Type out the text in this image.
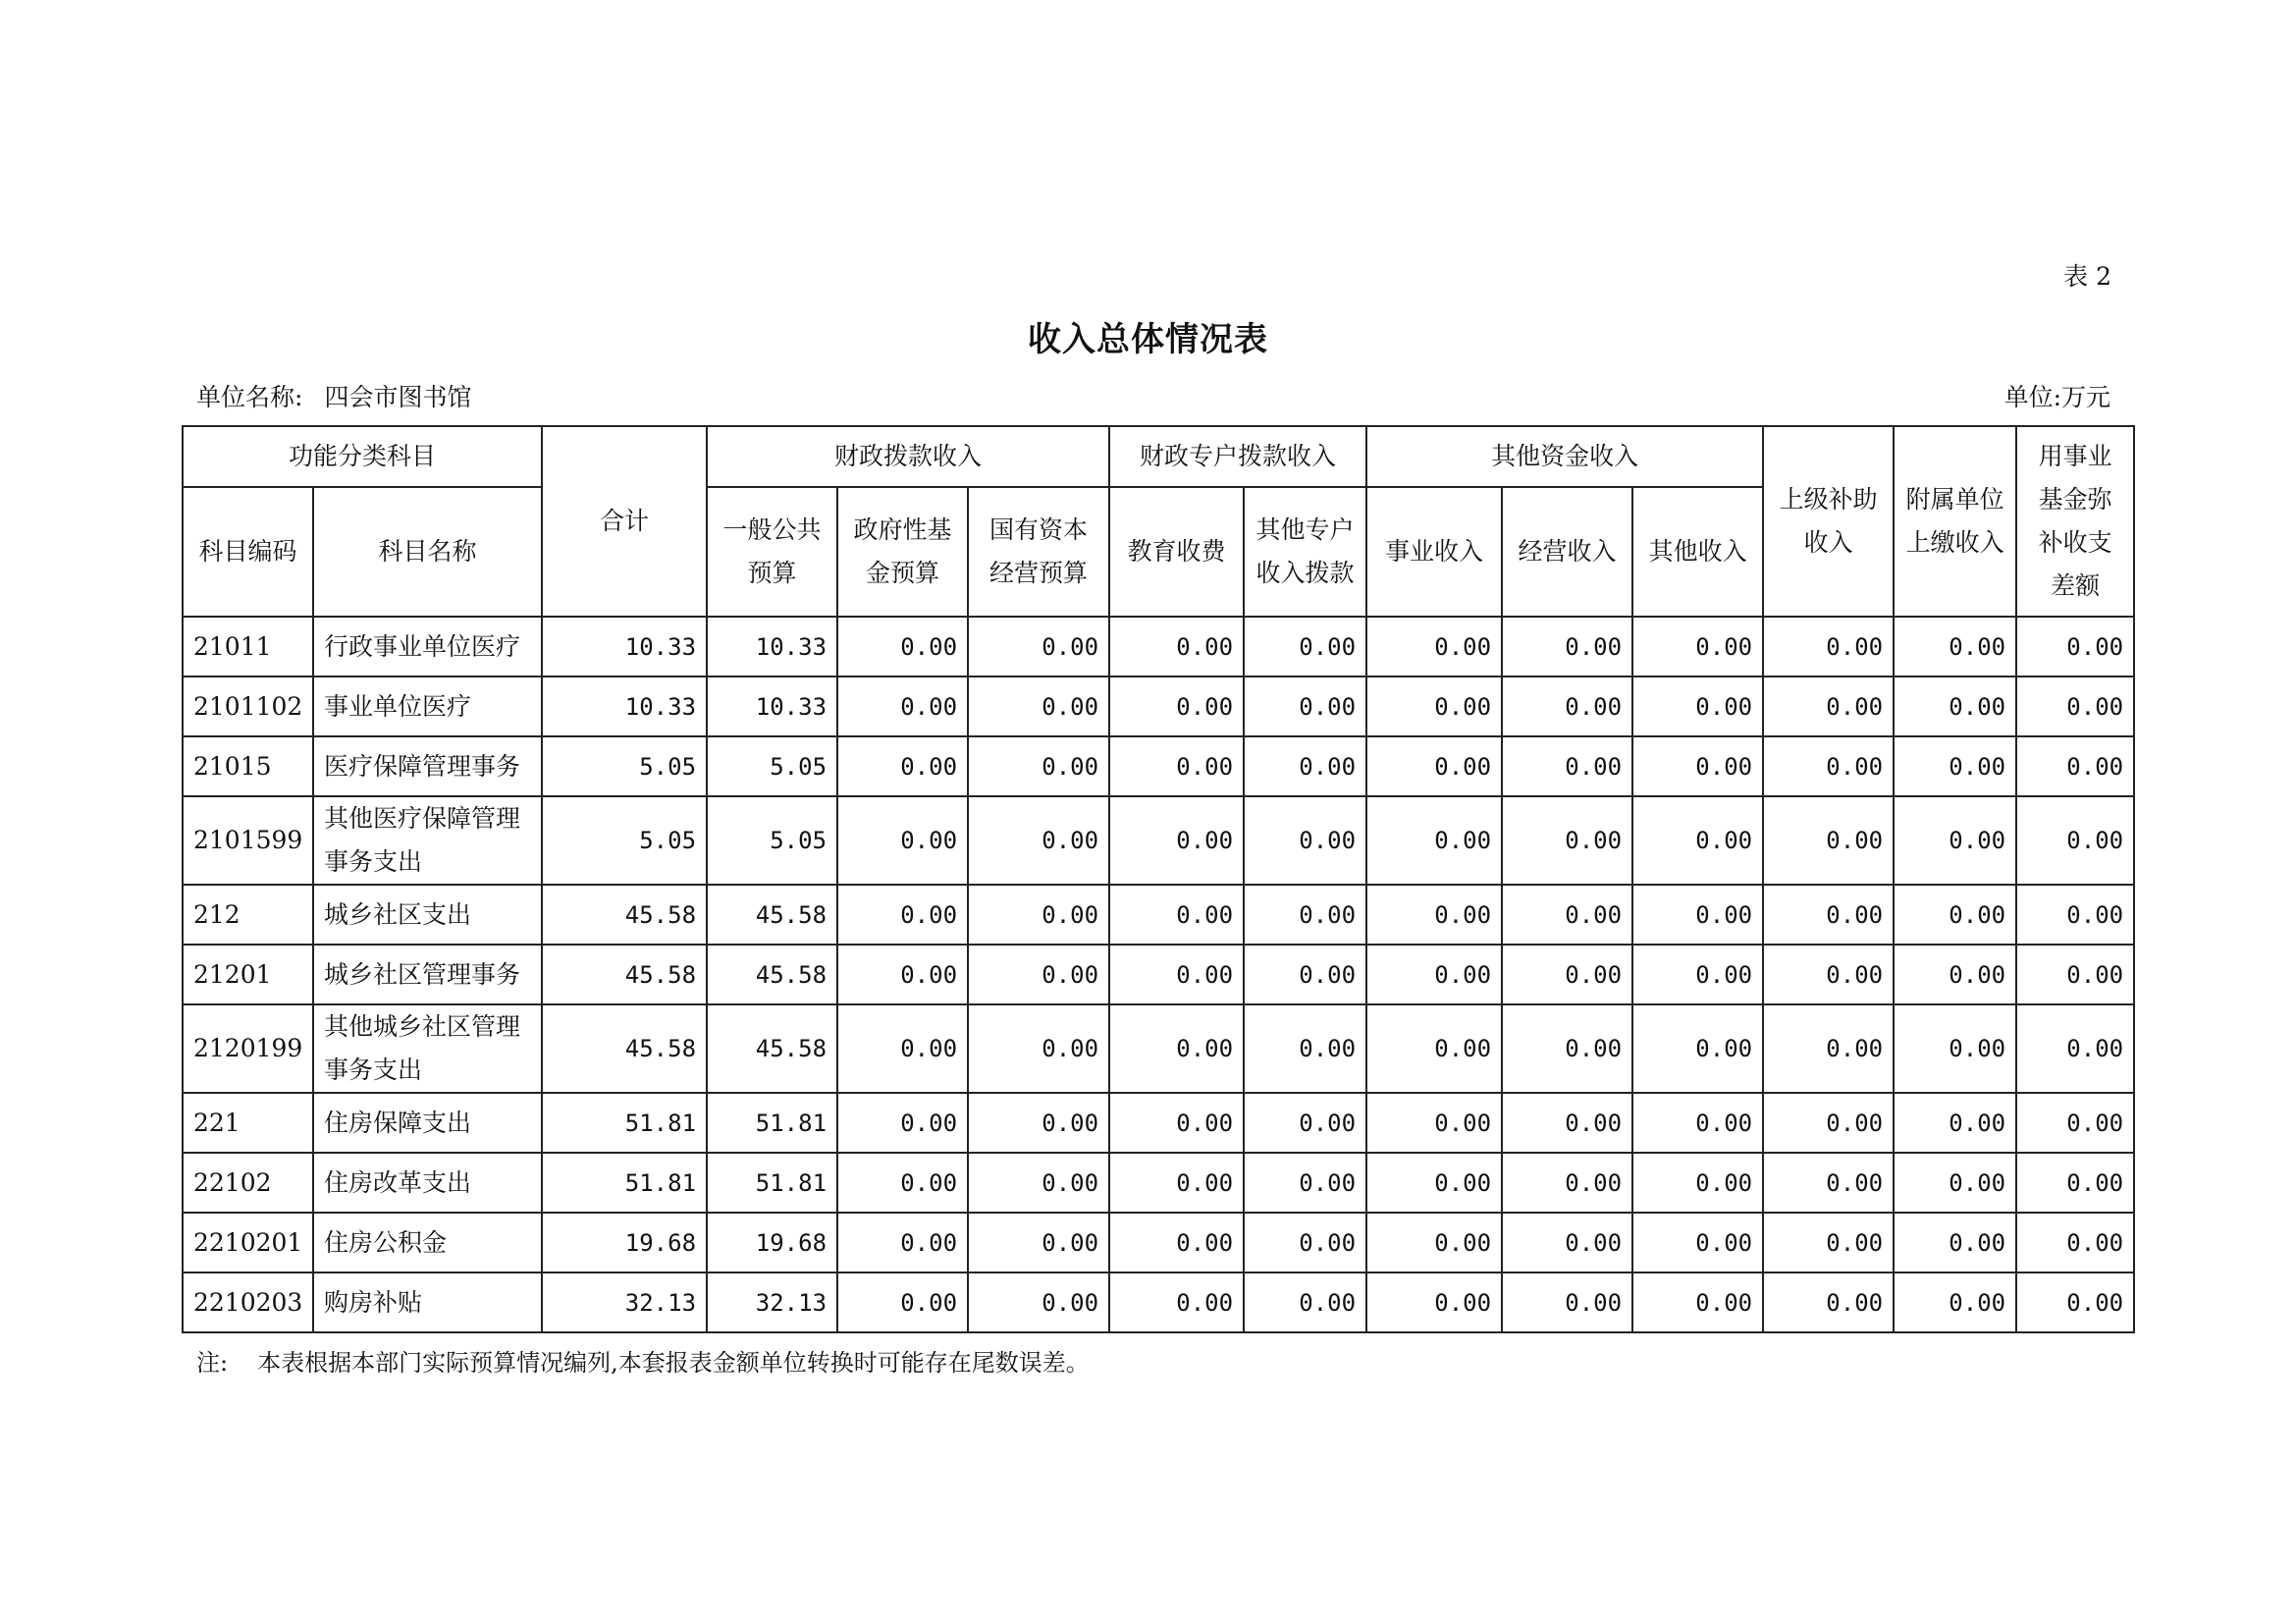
表 2
收入总体情况表
单位名称: 四会市图书馆	单位:万元
功能分类科目		合计	财政拨款收入			财政专户拨款收入		其他资金收入			上级补助收入	附属单位上缴收入	用事业基金弥补收支差额
科目编码	科目名称		一般公共预算	政府性基金预算	国有资本经营预算	教育收费	其他专户收入拨款	事业收入	经营收入	其他收入			
21011	行政事业单位医疗	10.33	10.33	0.00	0.00	0.00	0.00	0.00	0.00	0.00	0.00	0.00	0.00
2101102	事业单位医疗	10.33	10.33	0.00	0.00	0.00	0.00	0.00	0.00	0.00	0.00	0.00	0.00
21015	医疗保障管理事务	5.05	5.05	0.00	0.00	0.00	0.00	0.00	0.00	0.00	0.00	0.00	0.00
2101599	其他医疗保障管理事务支出	5.05	5.05	0.00	0.00	0.00	0.00	0.00	0.00	0.00	0.00	0.00	0.00
212	城乡社区支出	45.58	45.58	0.00	0.00	0.00	0.00	0.00	0.00	0.00	0.00	0.00	0.00
21201	城乡社区管理事务	45.58	45.58	0.00	0.00	0.00	0.00	0.00	0.00	0.00	0.00	0.00	0.00
2120199	其他城乡社区管理事务支出	45.58	45.58	0.00	0.00	0.00	0.00	0.00	0.00	0.00	0.00	0.00	0.00
221	住房保障支出	51.81	51.81	0.00	0.00	0.00	0.00	0.00	0.00	0.00	0.00	0.00	0.00
22102	住房改革支出	51.81	51.81	0.00	0.00	0.00	0.00	0.00	0.00	0.00	0.00	0.00	0.00
2210201	住房公积金	19.68	19.68	0.00	0.00	0.00	0.00	0.00	0.00	0.00	0.00	0.00	0.00
2210203	购房补贴	32.13	32.13	0.00	0.00	0.00	0.00	0.00	0.00	0.00	0.00	0.00	0.00
注: 本表根据本部门实际预算情况编列,本套报表金额单位转换时可能存在尾数误差。
